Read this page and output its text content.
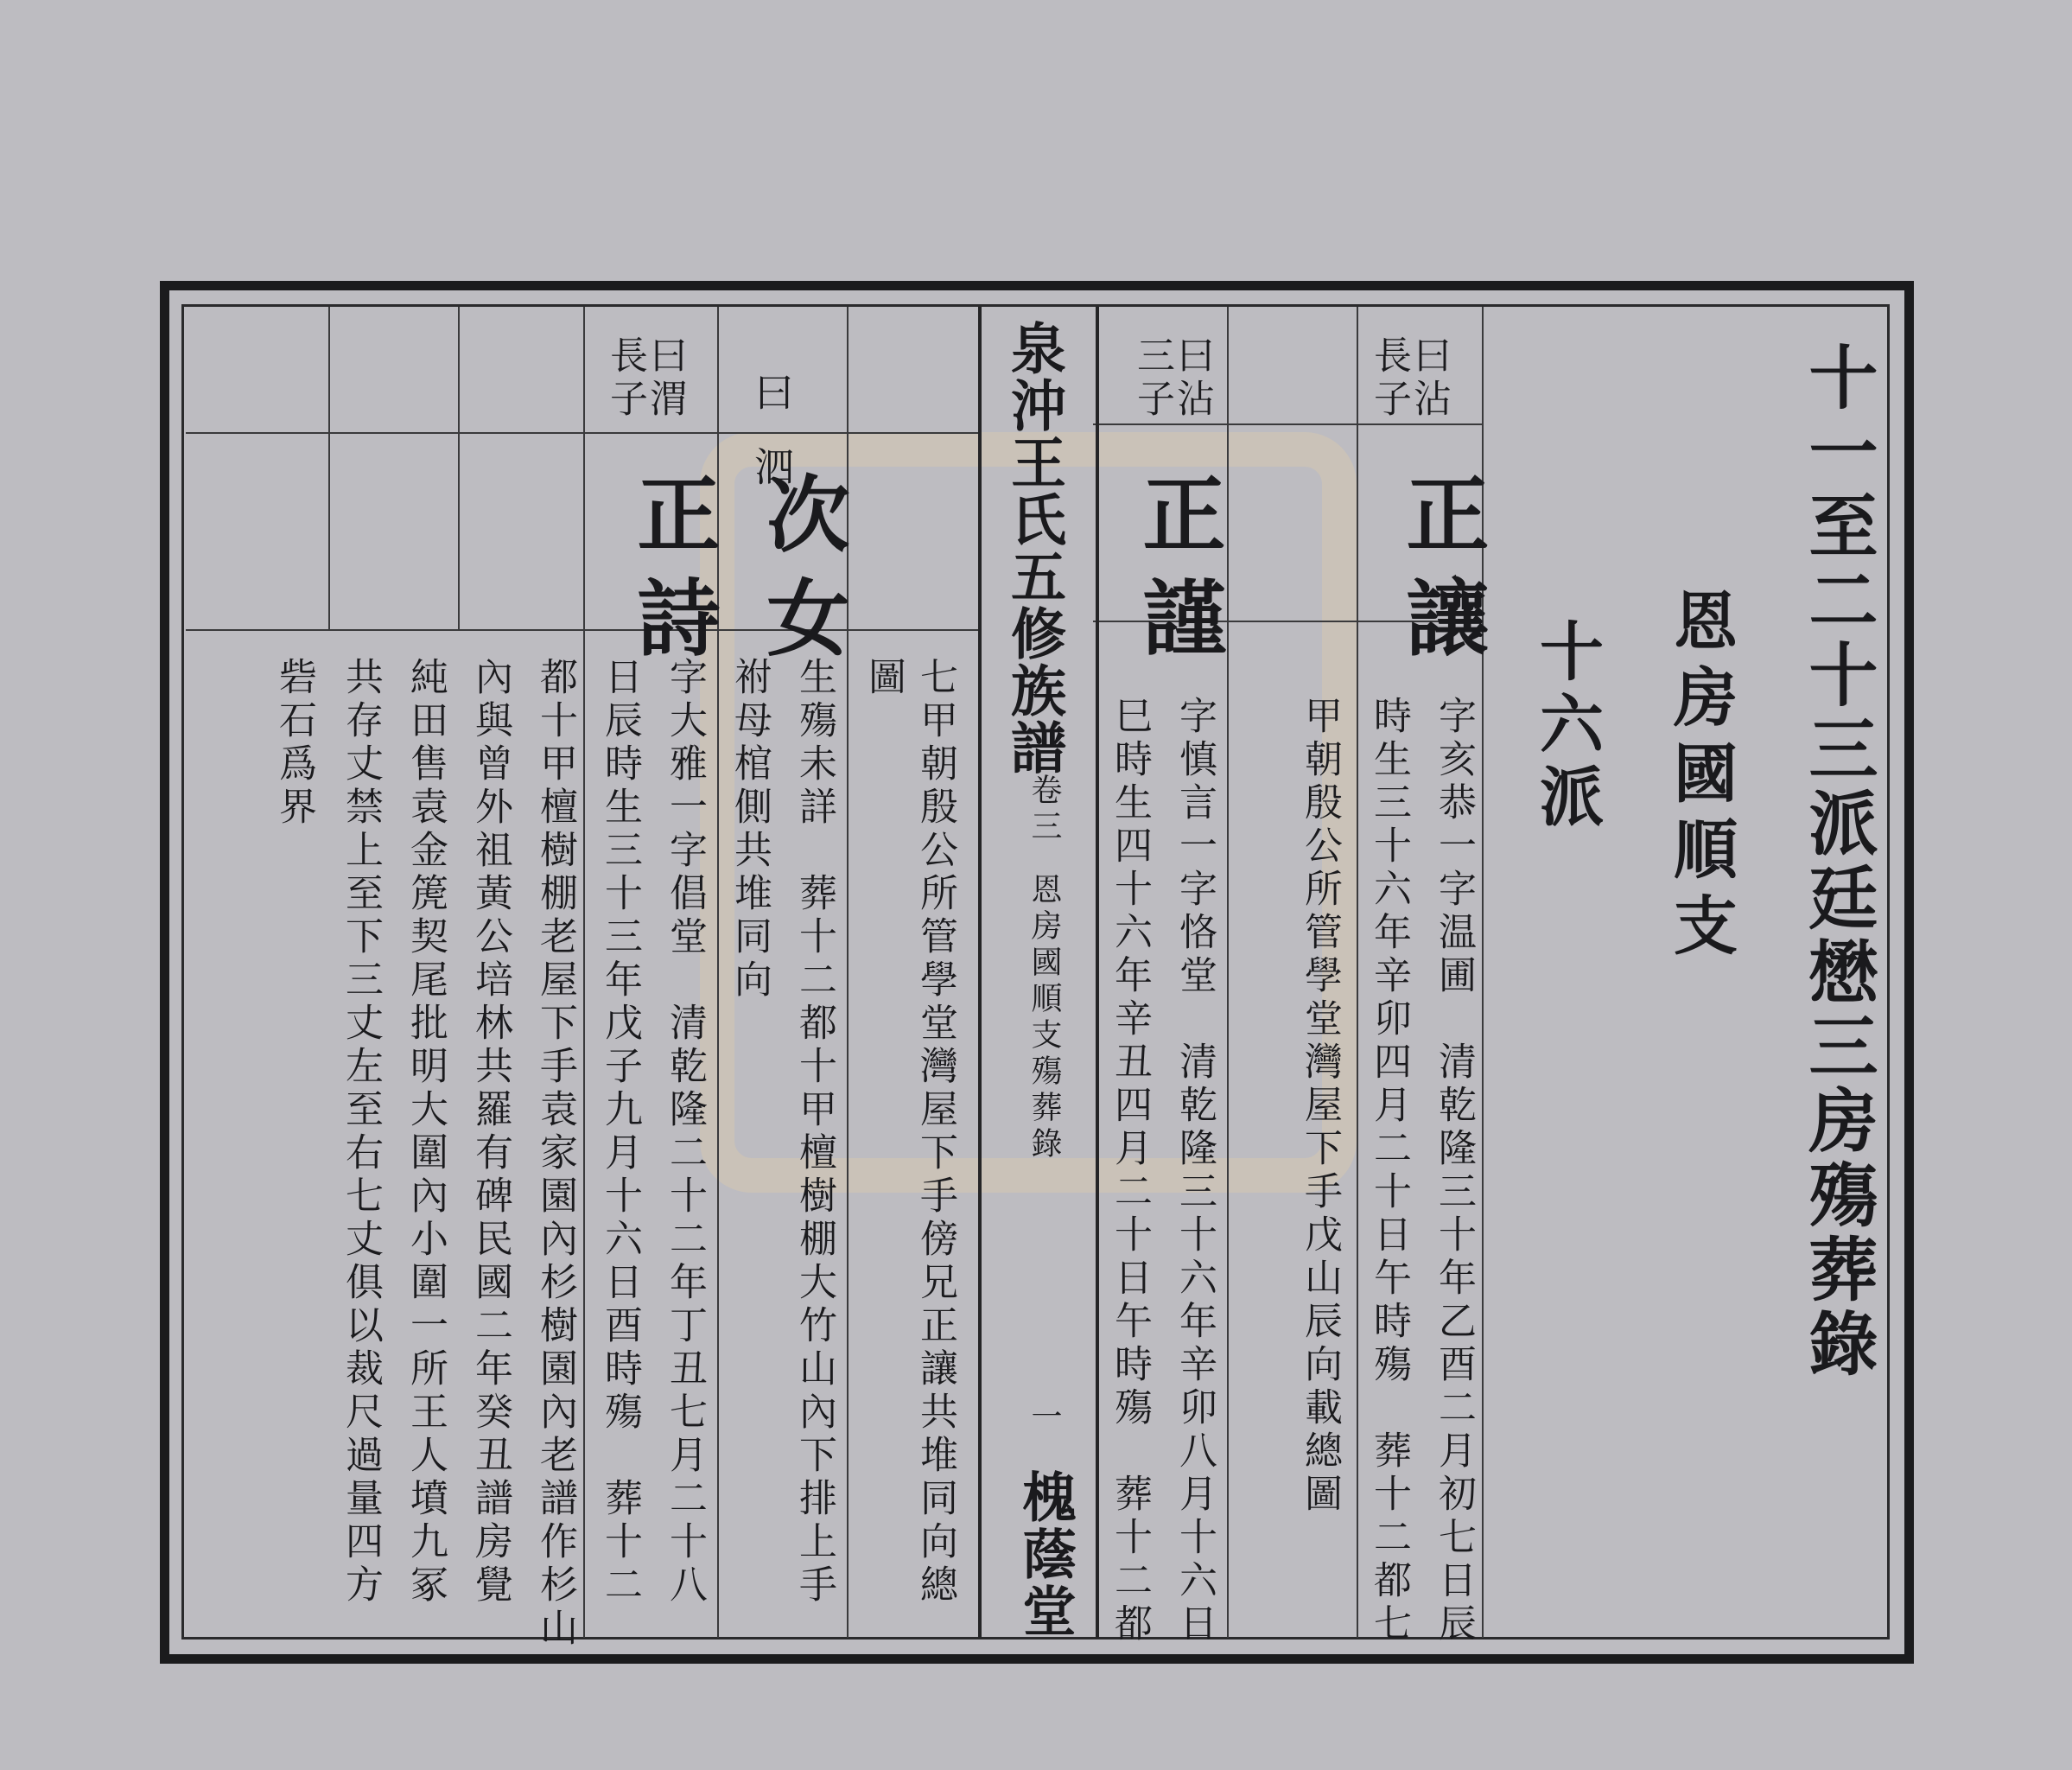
十一至二十三派廷懋三房殤葬錄
恩房國順支
十六派
曰沾長子
正讓
字亥恭一字温圃　清乾隆三十年乙酉二月初七日辰
時生三十六年辛卯四月二十日午時殤　葬十二都七
甲朝殷公所管學堂灣屋下手戊山辰向載總圖
曰沾三子
正謹
字慎言一字恪堂　清乾隆三十六年辛卯八月十六日
巳時生四十六年辛丑四月二十日午時殤　葬十二都
七甲朝殷公所管學堂灣屋下手傍兄正讓共堆同向總
圖 泉沖王氏五修族譜
卷三
恩房國順支殤葬錄
一
槐蔭堂
曰泗
次女
生殤未詳　葬十二都十甲檀樹棚大竹山內下排上手
祔母棺側共堆同向
曰渭長子
正詩
字大雅一字倡堂　清乾隆二十二年丁丑七月二十八
日辰時生三十三年戊子九月十六日酉時殤　葬十二
都十甲檀樹棚老屋下手袁家園內杉樹園內老譜作杉山
內與曾外祖黃公培林共羅有碑民國二年癸丑譜房覺
純田售袁金箎契尾批明大圍內小圍一所王人墳九冢
共存丈禁上至下三丈左至右七丈俱以裁尺過量四方
砦石爲界
